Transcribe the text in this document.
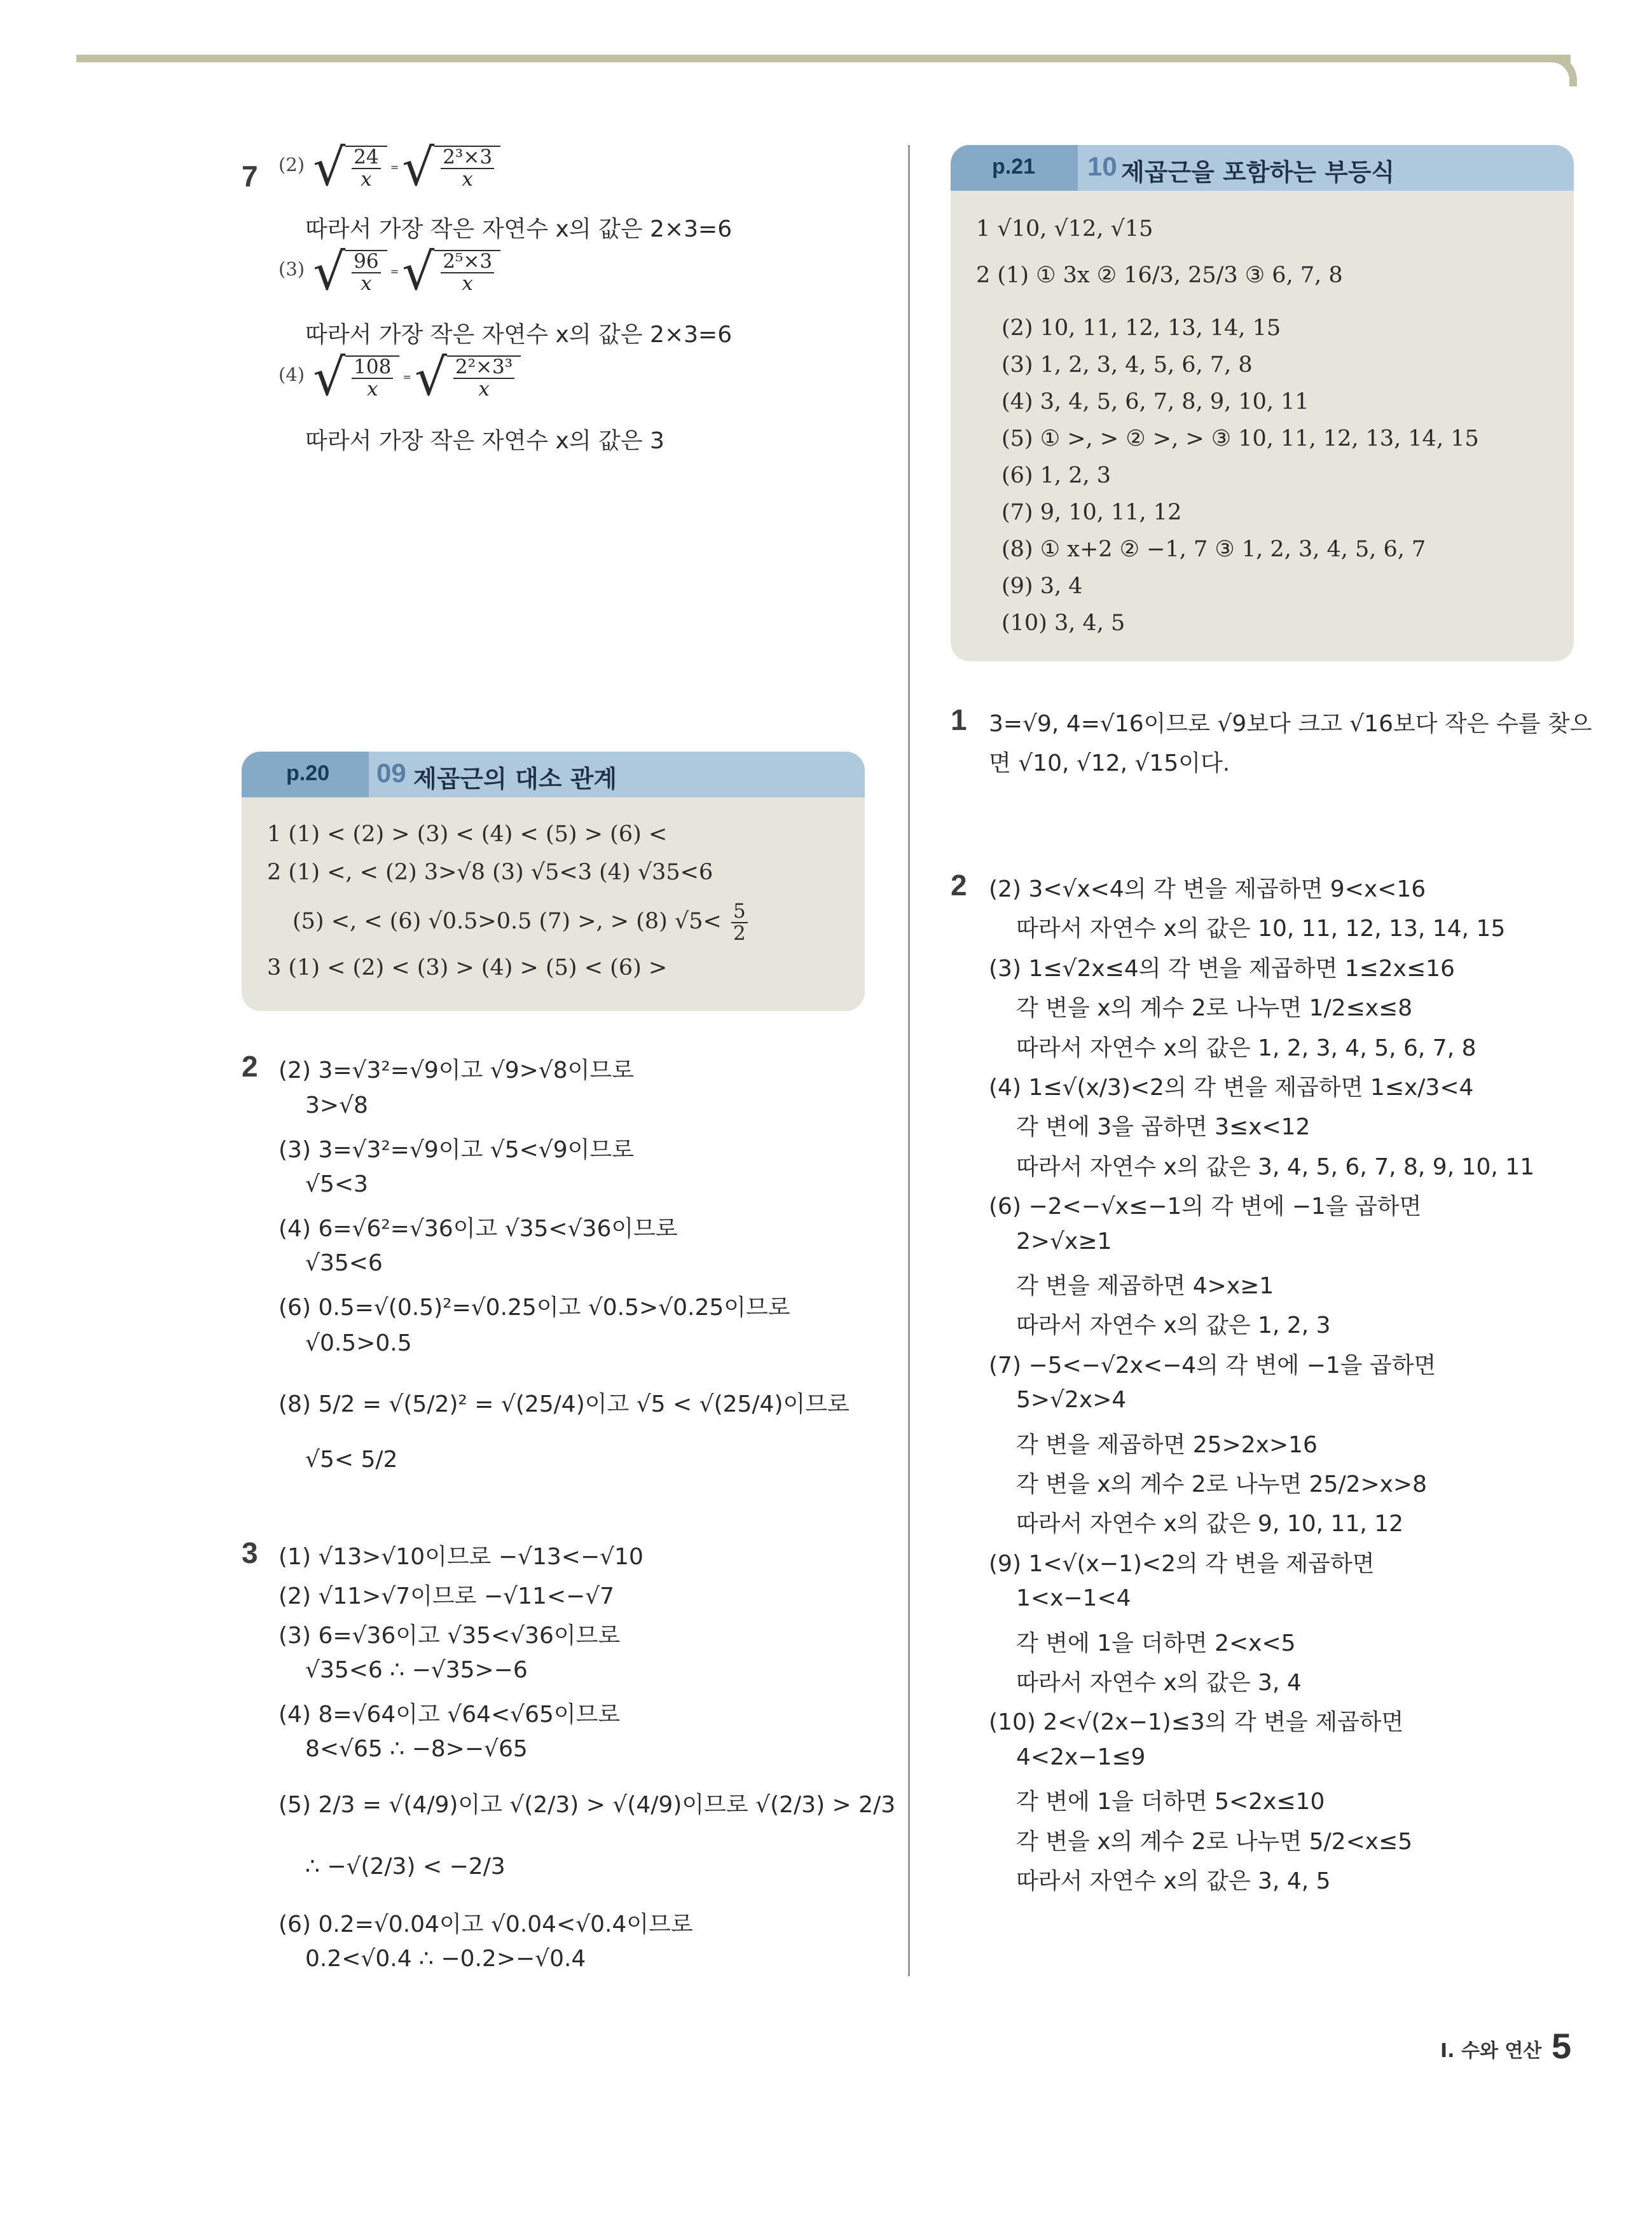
7 (2) √ $\frac{24}{x}$ = √ $\frac{\text{2³×3}}{x}$
따라서 가장 작은 자연수 x의 값은 2×3=6
(3) √ $\frac{96}{x}$ = √ $\frac{\text{2⁵×3}}{x}$
따라서 가장 작은 자연수 x의 값은 2×3=6
(4) √ $\frac{108}{x}$ = √ $\frac{\text{2²×3³}}{x}$
따라서 가장 작은 자연수 x의 값은 3
p.20 09 제곱근의 대소 관계
1 (1) < (2) > (3) < (4) < (5) > (6) <
2 (1) <, < (2) 3>√8 (3) √5<3 (4) √35<6
(5) <, < (6) √0.5>0.5 (7) >, > (8) $√5< \frac{5}{2}$
3 (1) < (2) < (3) > (4) > (5) < (6) >
2 (2) 3=√3²=√9이고 √9>√8이므로
3>√8
(3) 3=√3²=√9이고 √5<√9이므로
√5<3
(4) 6=√6²=√36이고 √35<√36이므로
√35<6
(6) 0.5=√(0.5)²=√0.25이고 √0.5>√0.25이므로
√0.5>0.5
(8) 5/2 = √(5/2)² = √(25/4)이고 √5 < √(25/4)이므로
√5< 5/2
3 (1) √13>√10이므로 −√13<−√10
(2) √11>√7이므로 −√11<−√7
(3) 6=√36이고 √35<√36이므로
√35<6 ∴ −√35>−6
(4) 8=√64이고 √64<√65이므로
8<√65 ∴ −8>−√65
(5) 2/3 = √(4/9)이고 √(2/3) > √(4/9)이므로 √(2/3) > 2/3
∴ −√(2/3) < −2/3
(6) 0.2=√0.04이고 √0.04<√0.4이므로
0.2<√0.4 ∴ −0.2>−√0.4
p.21 10 제곱근을 포함하는 부등식
1 √10, √12, √15
2 (1) ① 3x ② 16/3, 25/3 ③ 6, 7, 8
(2) 10, 11, 12, 13, 14, 15
(3) 1, 2, 3, 4, 5, 6, 7, 8
(4) 3, 4, 5, 6, 7, 8, 9, 10, 11
(5) ① >, > ② >, > ③ 10, 11, 12, 13, 14, 15
(6) 1, 2, 3
(7) 9, 10, 11, 12
(8) ① x+2 ② −1, 7 ③ 1, 2, 3, 4, 5, 6, 7
(9) 3, 4
(10) 3, 4, 5
1 3=√9, 4=√16이므로 √9보다 크고 √16보다 작은 수를 찾으
면 √10, √12, √15이다.
2 (2) 3<√x<4의 각 변을 제곱하면 9<x<16
따라서 자연수 x의 값은 10, 11, 12, 13, 14, 15
(3) 1≤√2x≤4의 각 변을 제곱하면 1≤2x≤16
각 변을 x의 계수 2로 나누면 1/2≤x≤8
따라서 자연수 x의 값은 1, 2, 3, 4, 5, 6, 7, 8
(4) 1≤√(x/3)<2의 각 변을 제곱하면 1≤x/3<4
각 변에 3을 곱하면 3≤x<12
따라서 자연수 x의 값은 3, 4, 5, 6, 7, 8, 9, 10, 11
(6) −2<−√x≤−1의 각 변에 −1을 곱하면
2>√x≥1
각 변을 제곱하면 4>x≥1
따라서 자연수 x의 값은 1, 2, 3
(7) −5<−√2x<−4의 각 변에 −1을 곱하면
5>√2x>4
각 변을 제곱하면 25>2x>16
각 변을 x의 계수 2로 나누면 25/2>x>8
따라서 자연수 x의 값은 9, 10, 11, 12
(9) 1<√(x−1)<2의 각 변을 제곱하면
1<x−1<4
각 변에 1을 더하면 2<x<5
따라서 자연수 x의 값은 3, 4
(10) 2<√(2x−1)≤3의 각 변을 제곱하면
4<2x−1≤9
각 변에 1을 더하면 5<2x≤10
각 변을 x의 계수 2로 나누면 5/2<x≤5
따라서 자연수 x의 값은 3, 4, 5
I. 수와 연산 5
